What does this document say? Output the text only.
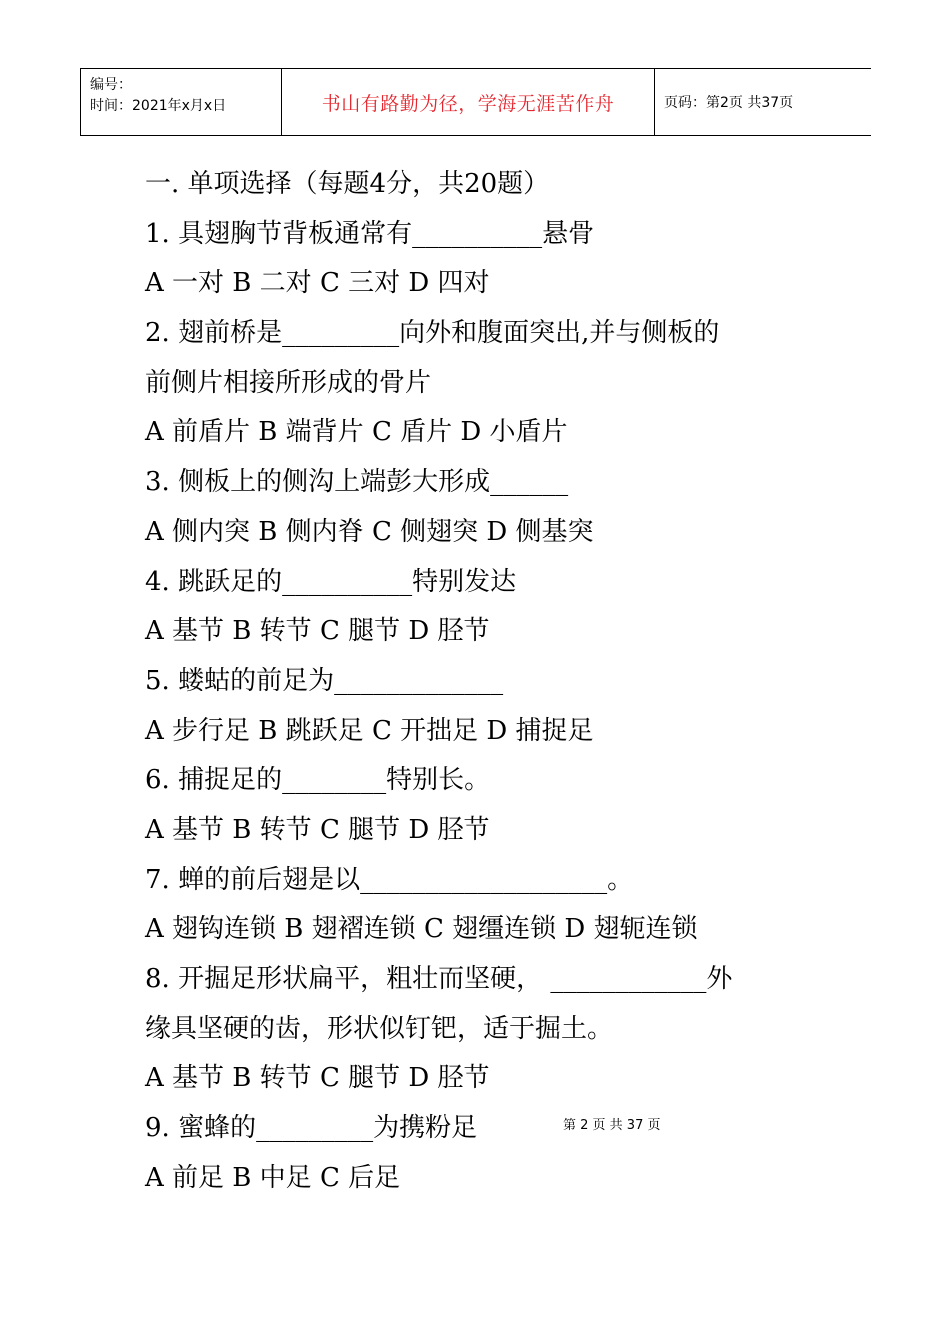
编号：
时间：2021年x月x日	书山有路勤为径，学海无涯苦作舟	页码：第2页 共37页
一. 单项选择（每题4分，共20题）
1. 具翅胸节背板通常有__________悬骨
A 一对 B 二对 C 三对 D 四对
2. 翅前桥是_________向外和腹面突出,并与侧板的
前侧片相接所形成的骨片
A 前盾片 B 端背片 C 盾片 D 小盾片
3. 侧板上的侧沟上端彭大形成______
A 侧内突 B 侧内脊 C 侧翅突 D 侧基突
4. 跳跃足的__________特别发达
A 基节 B 转节 C 腿节 D 胫节
5. 蝼蛄的前足为_____________
A 步行足 B 跳跃足 C 开拙足 D 捕捉足
6. 捕捉足的________特别长。
A 基节 B 转节 C 腿节 D 胫节
7. 蝉的前后翅是以___________________。
A 翅钩连锁 B 翅褶连锁 C 翅缰连锁 D 翅轭连锁
8. 开掘足形状扁平，粗壮而坚硬， ____________外
缘具坚硬的齿，形状似钉钯，适于掘土。
A 基节 B 转节 C 腿节 D 胫节
9. 蜜蜂的_________为携粉足
A 前足 B 中足 C 后足
第 2 页 共 37 页
